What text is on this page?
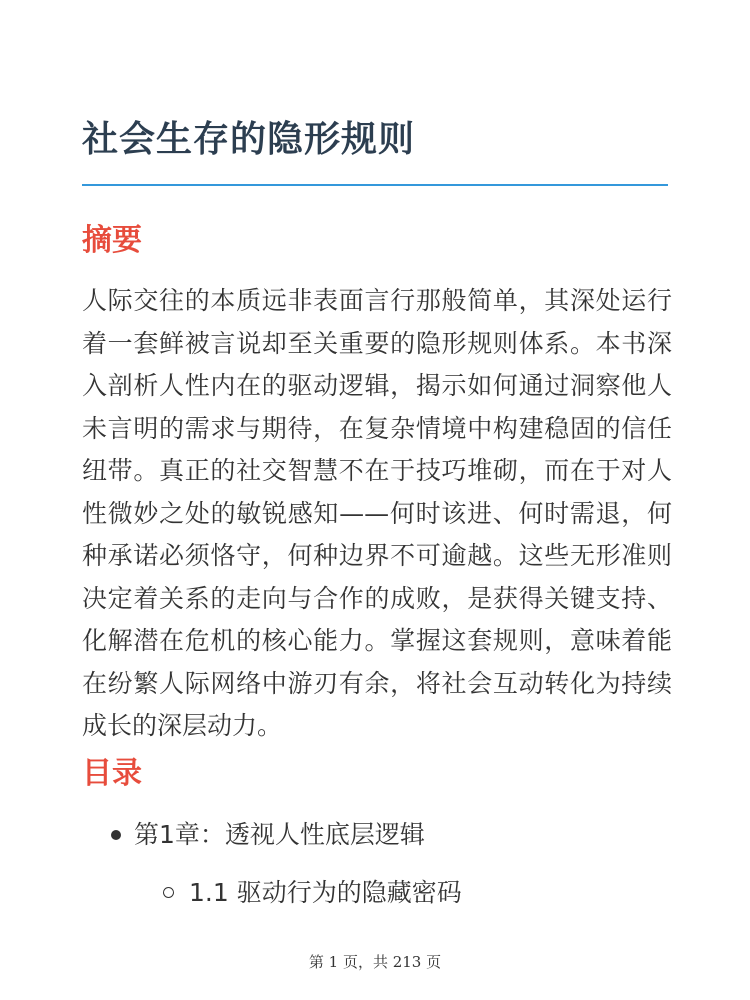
社会生存的隐形规则
摘要

人际交往的本质远非表面言行那般简单，其深处运行着一套鲜被言说却至关重要的隐形规则体系。本书深入剖析人性内在的驱动逻辑，揭示如何通过洞察他人未言明的需求与期待，在复杂情境中构建稳固的信任纽带。真正的社交智慧不在于技巧堆砌，而在于对人性微妙之处的敏锐感知——何时该进、何时需退，何种承诺必须恪守，何种边界不可逾越。这些无形准则决定着关系的走向与合作的成败，是获得关键支持、化解潜在危机的核心能力。掌握这套规则，意味着能在纷繁人际网络中游刃有余，将社会互动转化为持续成长的深层动力。

目录
第1章：透视人性底层逻辑
1.1 驱动行为的隐藏密码
第 1 页，共 213 页
